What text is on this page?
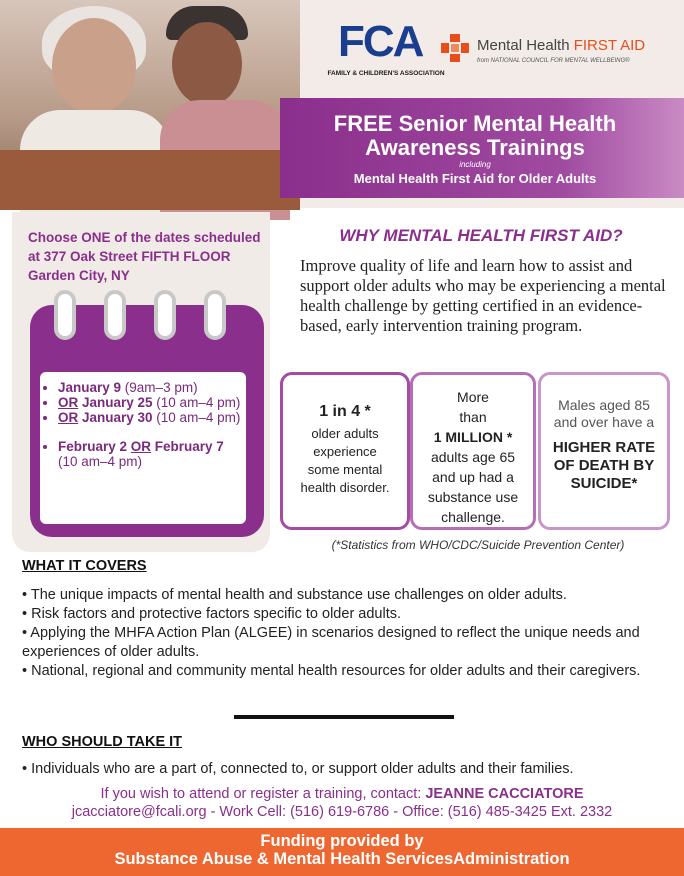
FCA
FAMILY & CHILDREN'S ASSOCIATION
Mental Health FIRST AID
from NATIONAL COUNCIL FOR MENTAL WELLBEING®
FREE Senior Mental Health Awareness Trainings
including
Mental Health First Aid for Older Adults
Choose ONE of the dates scheduled at 377 Oak Street FIFTH FLOOR Garden City, NY
• January 9 (9am–3 pm)
• OR January 25 (10 am–4 pm)
• OR January 30 (10 am–4 pm)
• February 2 OR February 7
(10 am–4 pm)
WHY MENTAL HEALTH FIRST AID?
Improve quality of life and learn how to assist and support older adults who may be experiencing a mental health challenge by getting certified in an evidence-based, early intervention training program.
1 in 4 *
older adults experience some mental health disorder.
More than
1 MILLION *
adults age 65 and up had a substance use challenge.
Males aged 85 and over have a
HIGHER RATE OF DEATH BY SUICIDE*
(*Statistics from WHO/CDC/Suicide Prevention Center)
WHAT IT COVERS

• The unique impacts of mental health and substance use challenges on older adults.

• Risk factors and protective factors specific to older adults.

• Applying the MHFA Action Plan (ALGEE) in scenarios designed to reflect the unique needs and experiences of older adults.

• National, regional and community mental health resources for older adults and their caregivers.

WHO SHOULD TAKE IT

• Individuals who are a part of, connected to, or support older adults and their families.

If you wish to attend or register a training, contact: JEANNE CACCIATORE
jcacciatore@fcali.org - Work Cell: (516) 619-6786 - Office: (516) 485-3425 Ext. 2332
Funding provided by
Substance Abuse & Mental Health ServicesAdministration
